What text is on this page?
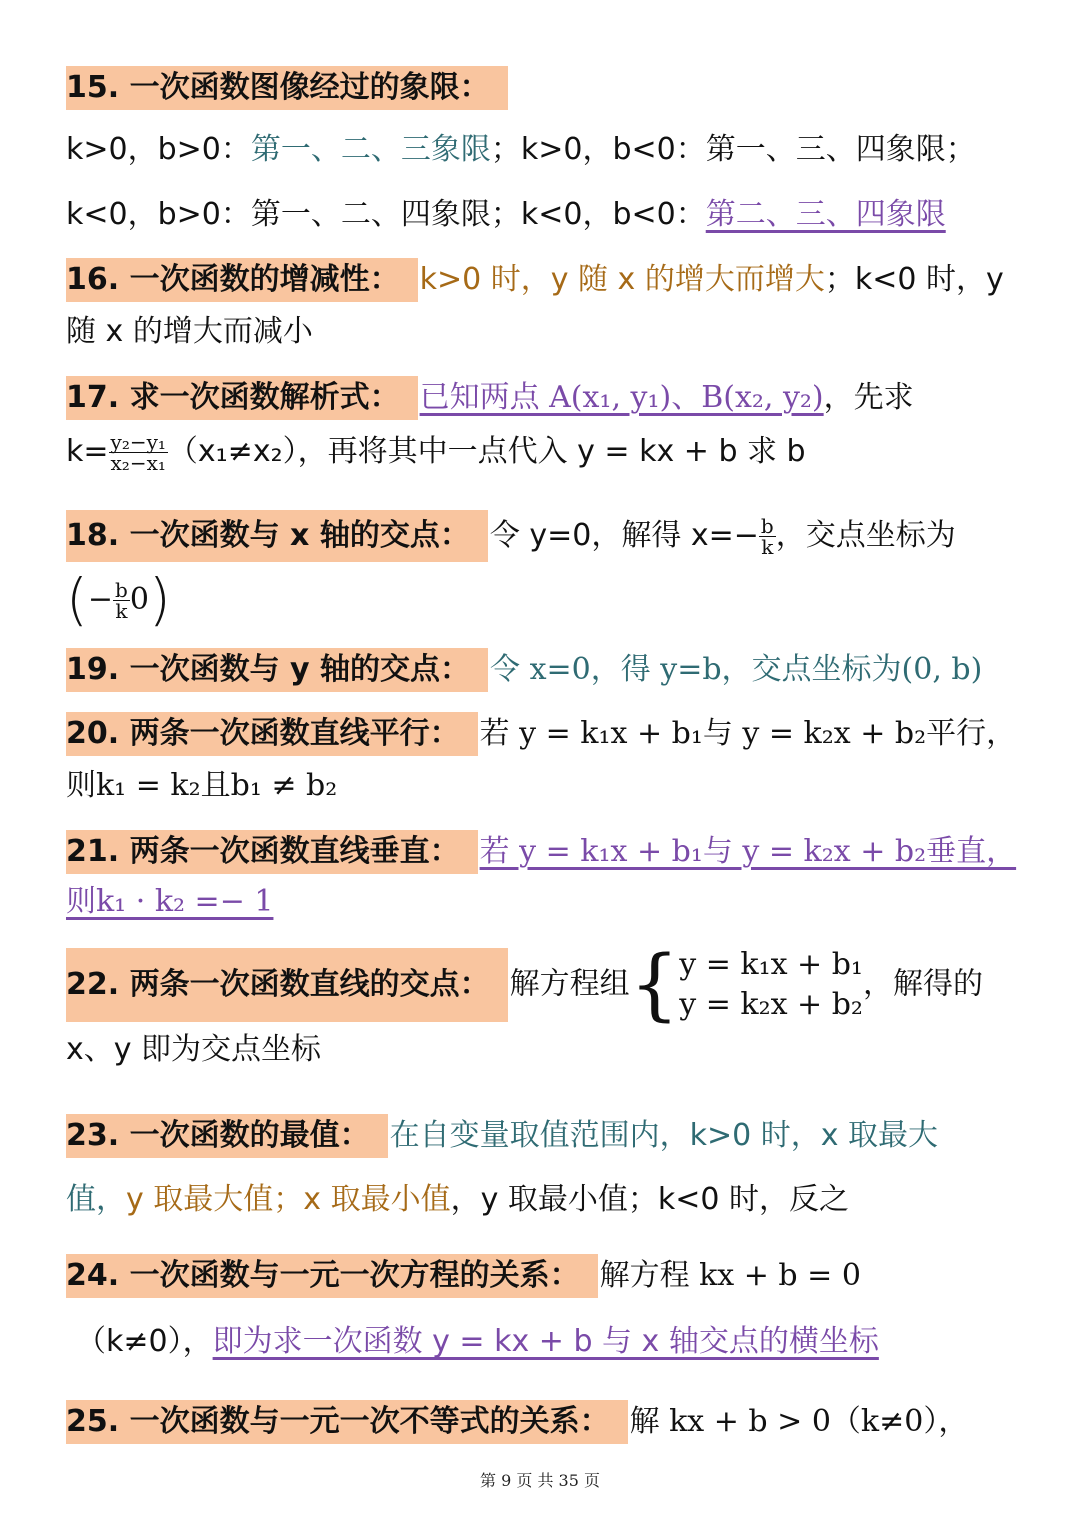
15. 一次函数图像经过的象限：
k>0，b>0：第一、二、三象限；k>0，b<0：第一、三、四象限；
k<0，b>0：第一、二、四象限；k<0，b<0：第二、三、四象限
16. 一次函数的增减性： k>0 时，y 随 x 的增大而增大；k<0 时，y
随 x 的增大而减小
17. 求一次函数解析式： 已知两点 A(x₁, y₁)、B(x₂, y₂)，先求
$k= \frac{\text{y₂−y₁}}{\text{x₂−x₁}} (x_1\ne x_2)$，再将其中一点代入 y = kx + b 求 b
18. 一次函数与 x 轴的交点： 令 y=0，解得 $x=- \frac{b}{k}$ ，交点坐标为
(− $\frac{b}{k} 0$)
19. 一次函数与 y 轴的交点： 令 x=0，得 y=b，交点坐标为(0, b)
20. 两条一次函数直线平行： 若 y = k₁x + b₁与 y = k₂x + b₂平行，
则k₁ = k₂且b₁ ≠ b₂
21. 两条一次函数直线垂直： 若 y = k₁x + b₁与 y = k₂x + b₂垂直，
则k₁ · k₂ =− 1
22. 两条一次函数直线的交点： 解方程组{ y = k₁x + b₁
y = k₂x + b₂
，解得的
x、y 即为交点坐标
23. 一次函数的最值： 在自变量取值范围内，k>0 时，x 取最大
值，y 取最大值；x 取最小值，y 取最小值；k<0 时，反之
24. 一次函数与一元一次方程的关系： 解方程 kx + b = 0
（k≠0），即为求一次函数 y = kx + b 与 x 轴交点的横坐标
25. 一次函数与一元一次不等式的关系： 解 kx + b > 0（k≠0），
第 9 页 共 35 页
